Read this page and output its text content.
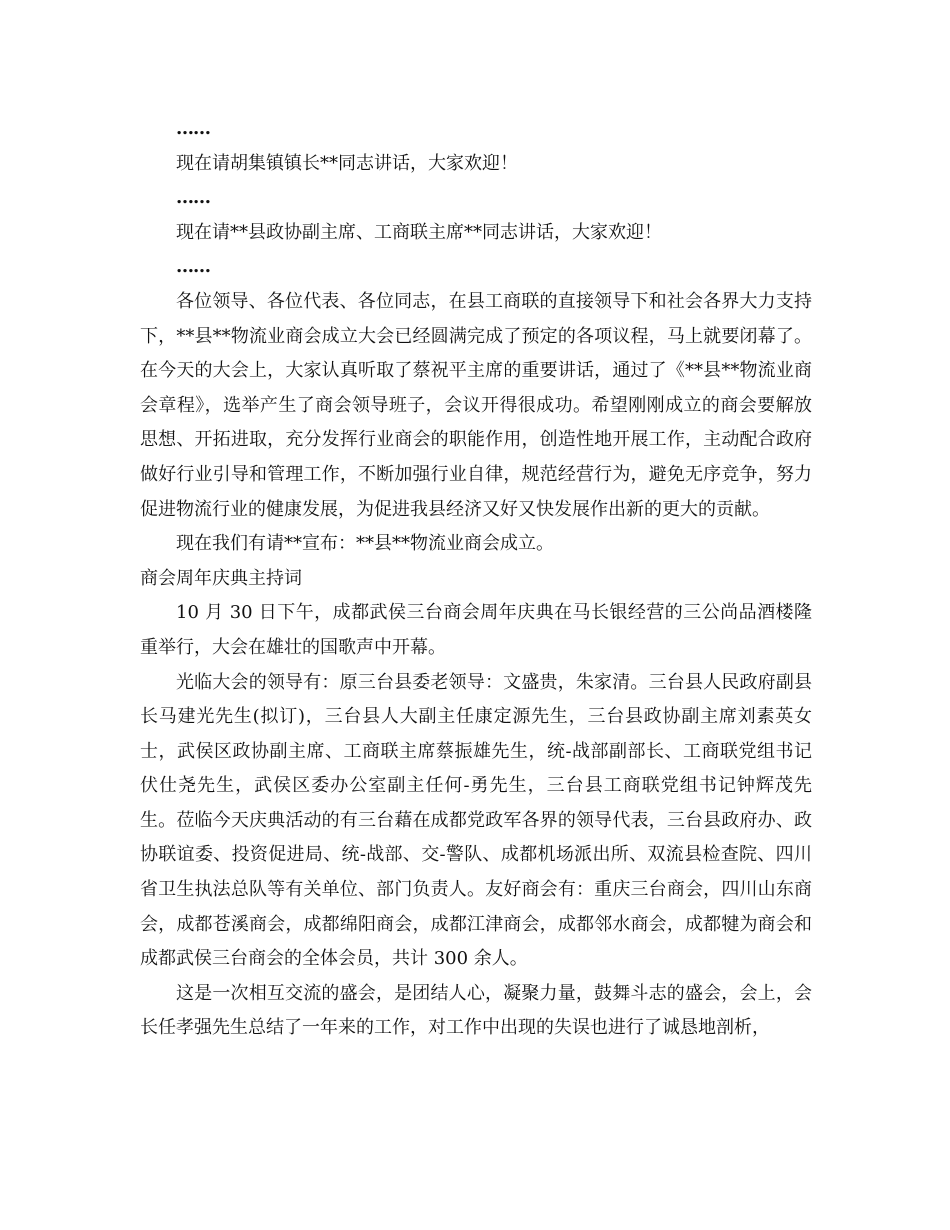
……

现在请胡集镇镇长**同志讲话，大家欢迎！

……

现在请**县政协副主席、工商联主席**同志讲话，大家欢迎！

……

各位领导、各位代表、各位同志，在县工商联的直接领导下和社会各界大力支持下，**县**物流业商会成立大会已经圆满完成了预定的各项议程，马上就要闭幕了。在今天的大会上，大家认真听取了蔡祝平主席的重要讲话，通过了《**县**物流业商会章程》，选举产生了商会领导班子，会议开得很成功。希望刚刚成立的商会要解放思想、开拓进取，充分发挥行业商会的职能作用，创造性地开展工作，主动配合政府做好行业引导和管理工作，不断加强行业自律，规范经营行为，避免无序竞争，努力促进物流行业的健康发展，为促进我县经济又好又快发展作出新的更大的贡献。

现在我们有请**宣布：**县**物流业商会成立。

商会周年庆典主持词

10 月 30 日下午，成都武侯三台商会周年庆典在马长银经营的三公尚品酒楼隆重举行，大会在雄壮的国歌声中开幕。

光临大会的领导有：原三台县委老领导：文盛贵，朱家清。三台县人民政府副县长马建光先生(拟订)，三台县人大副主任康定源先生，三台县政协副主席刘素英女士，武侯区政协副主席、工商联主席蔡振雄先生，统-战部副部长、工商联党组书记伏仕尧先生，武侯区委办公室副主任何-勇先生，三台县工商联党组书记钟辉茂先生。莅临今天庆典活动的有三台藉在成都党政军各界的领导代表，三台县政府办、政协联谊委、投资促进局、统-战部、交-警队、成都机场派出所、双流县检查院、四川省卫生执法总队等有关单位、部门负责人。友好商会有：重庆三台商会，四川山东商会，成都苍溪商会，成都绵阳商会，成都江津商会，成都邻水商会，成都犍为商会和成都武侯三台商会的全体会员，共计 300 余人。

这是一次相互交流的盛会，是团结人心，凝聚力量，鼓舞斗志的盛会，会上，会长任孝强先生总结了一年来的工作，对工作中出现的失误也进行了诚恳地剖析，
